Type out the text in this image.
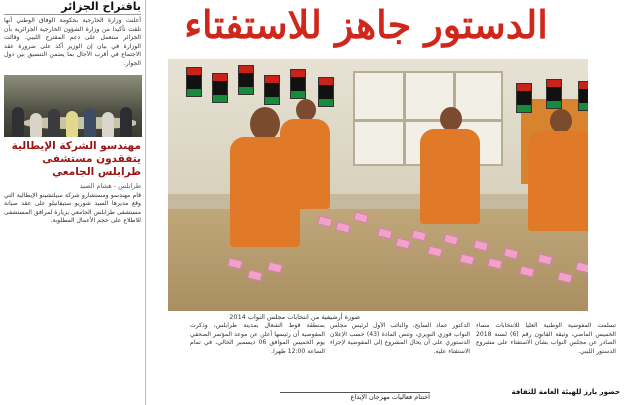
باقتراح الجزائر
أعلنت وزارة الخارجية بحكومة الوفاق الوطني أنها تلقت تأكيدا من وزارة الشؤون الخارجية الجزائرية بأن الجزائر ستعمل على دعم المقترح الليبي. وقالت الوزارة في بيان إن الوزير أكد على ضرورة عقد الاجتماع في أقرب الآجال بما يضمن التنسيق بين دول الجوار.
مهندسو الشركة الإيطالية يتفقدون مستشفى طرابلس الجامعي
طرابلس - هشام الصيد
قام مهندسو ومستشارو شركة سيلتشينو الإيطالية التي وقع مديرها السيد شوريو ستيفانيلو على عقد صيانة مستشفى طرابلس الجامعي بزيارة لمرافق المستشفى للاطلاع على حجم الأعمال المطلوبة.
الدستور جاهز للاستفتاء
صورة أرشيفية من انتخابات مجلس النواب 2014
بمنطقة قوط الشعال بمدينة طرابلس، وذكرت المفوضية أن رئيسها أعلن عن موعد المؤتمر الصحفي يوم الخميس الموافق 06 ديسمبر الحالي، في تمام الساعة 12:00 ظهرا.
الدكتور عماد السايح، والنائب الأول لرئيس مجلس النواب فوزي النويري، وتنص المادة (43) حسب الإعلان الدستوري على أن يحال المشروع إلى المفوضية لإجراء الاستفتاء عليه.
تسلمت المفوضية الوطنية العليا للانتخابات مساء الخميس الماضي، وثيقة القانون رقم (6) لسنة 2018 الصادر عن مجلس النواب بشأن الاستفتاء على مشروع الدستور الليبي.
حضور بارز للهيئة العامة للثقافة
اختتام فعاليات مهرجان الإبداع
